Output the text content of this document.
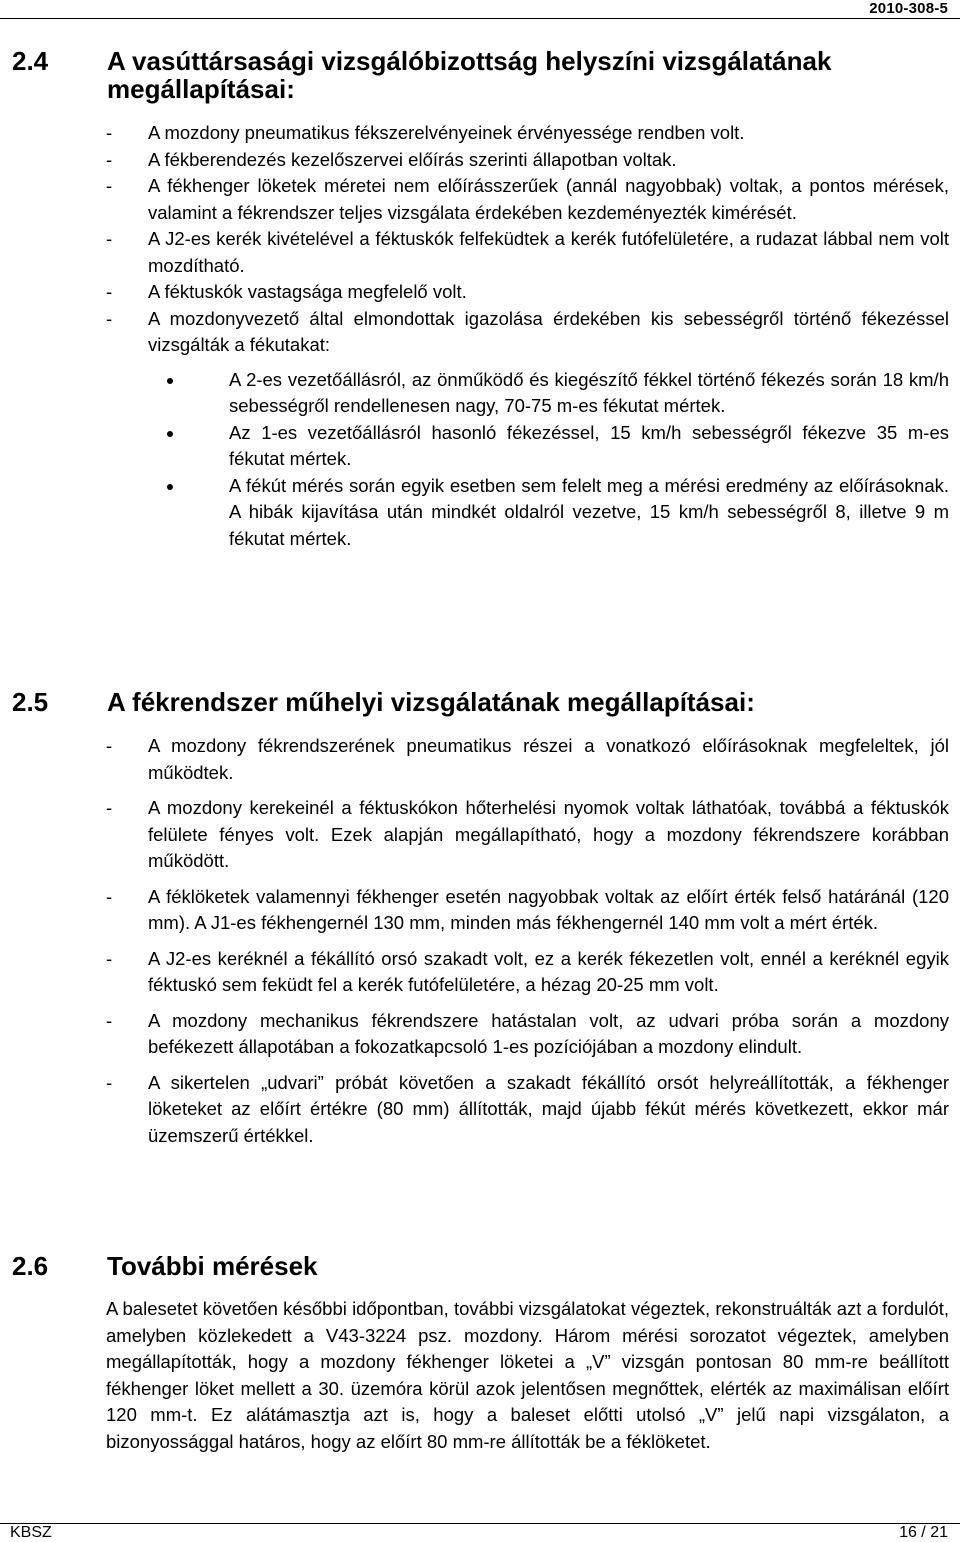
2010-308-5
2.4 A vasúttársasági vizsgálóbizottság helyszíni vizsgálatának megállapításai:
- A mozdony pneumatikus fékszerelvényeinek érvényessége rendben volt.
- A fékberendezés kezelőszervei előírás szerinti állapotban voltak.
- A fékhenger löketek méretei nem előírásszerűek (annál nagyobbak) voltak, a pontos mérések, valamint a fékrendszer teljes vizsgálata érdekében kezdeményezték kimérését.
- A J2-es kerék kivételével a féktuskók felfeküdtek a kerék futófelületére, a rudazat lábbal nem volt mozdítható.
- A féktuskók vastagsága megfelelő volt.
- A mozdonyvezető által elmondottak igazolása érdekében kis sebességről történő fékezéssel vizsgálták a fékutakat:
A 2-es vezetőállásról, az önműködő és kiegészítő fékkel történő fékezés során 18 km/h sebességről rendellenesen nagy, 70-75 m-es fékutat mértek.
Az 1-es vezetőállásról hasonló fékezéssel, 15 km/h sebességről fékezve 35 m-es fékutat mértek.
A fékút mérés során egyik esetben sem felelt meg a mérési eredmény az előírásoknak. A hibák kijavítása után mindkét oldalról vezetve, 15 km/h sebességről 8, illetve 9 m fékutat mértek.
2.5 A fékrendszer műhelyi vizsgálatának megállapításai:
- A mozdony fékrendszerének pneumatikus részei a vonatkozó előírásoknak megfeleltek, jól működtek.
- A mozdony kerekeinél a féktuskókon hőterhelési nyomok voltak láthatóak, továbbá a féktuskók felülete fényes volt. Ezek alapján megállapítható, hogy a mozdony fékrendszere korábban működött.
- A féklöketek valamennyi fékhenger esetén nagyobbak voltak az előírt érték felső határánál (120 mm). A J1-es fékhengernél 130 mm, minden más fékhengernél 140 mm volt a mért érték.
- A J2-es keréknél a fékállító orsó szakadt volt, ez a kerék fékezetlen volt, ennél a keréknél egyik féktuskó sem feküdt fel a kerék futófelületére, a hézag 20-25 mm volt.
- A mozdony mechanikus fékrendszere hatástalan volt, az udvari próba során a mozdony befékezett állapotában a fokozatkapcsoló 1-es pozíciójában a mozdony elindult.
- A sikertelen „udvari” próbát követően a szakadt fékállító orsót helyreállították, a fékhenger löketeket az előírt értékre (80 mm) állították, majd újabb fékút mérés következett, ekkor már üzemszerű értékkel.
2.6 További mérések

A balesetet követően későbbi időpontban, további vizsgálatokat végeztek, rekonstruálták azt a fordulót, amelyben közlekedett a V43-3224 psz. mozdony. Három mérési sorozatot végeztek, amelyben megállapították, hogy a mozdony fékhenger löketei a „V” vizsgán pontosan 80 mm-re beállított fékhenger löket mellett a 30. üzemóra körül azok jelentősen megnőttek, elérték az maximálisan előírt 120 mm-t. Ez alátámasztja azt is, hogy a baleset előtti utolsó „V” jelű napi vizsgálaton, a bizonyossággal határos, hogy az előírt 80 mm-re állították be a féklöketet.

KBSZ	16 / 21
